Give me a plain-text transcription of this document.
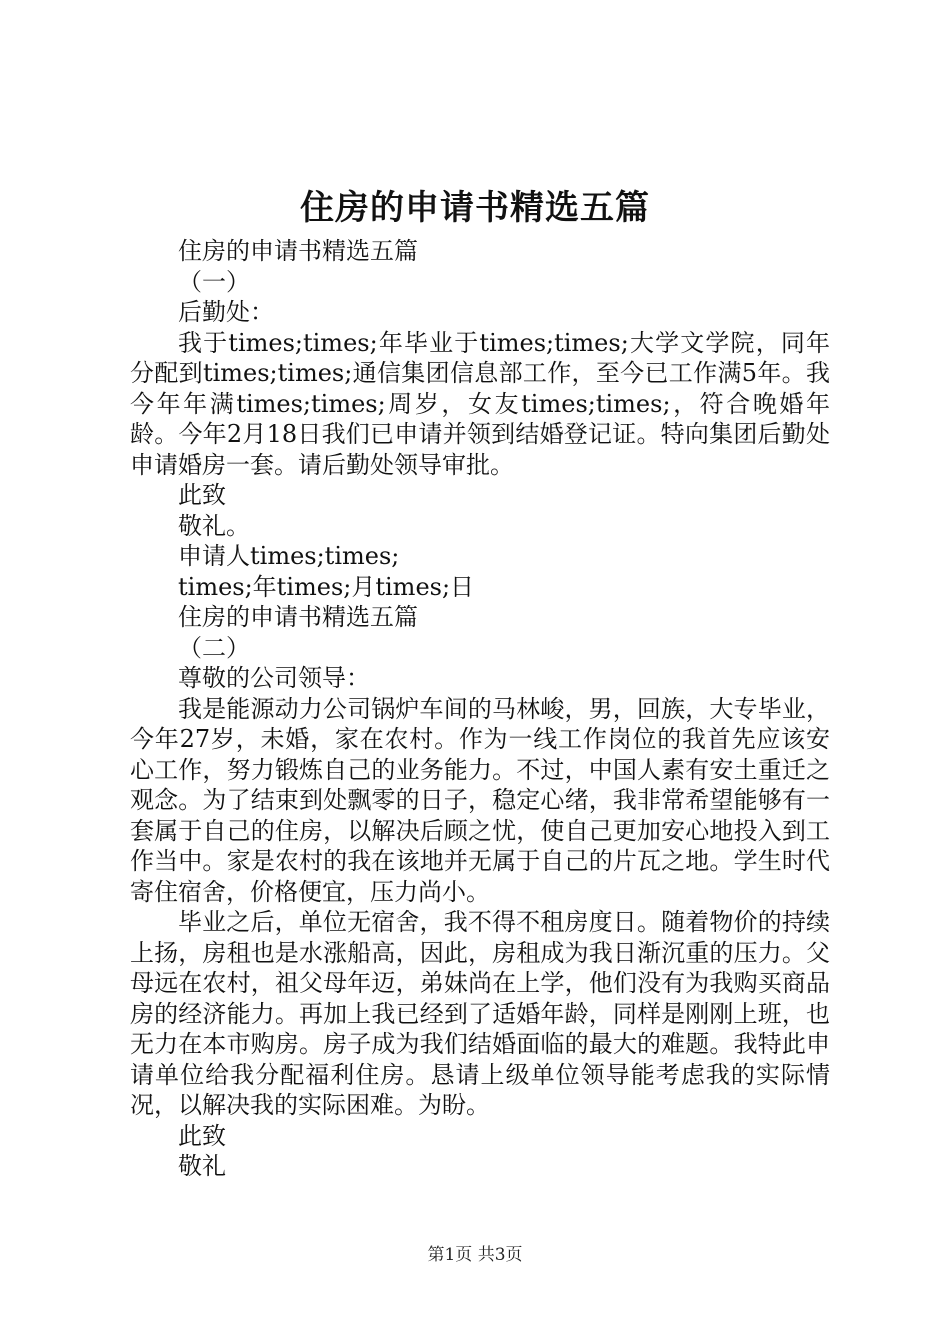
住房的申请书精选五篇

住房的申请书精选五篇

（一）

后勤处：

我于times;times;年毕业于times;times;大学文学院，同年分配到times;times;通信集团信息部工作，至今已工作满5年。我今年年满times;times;周岁，女友times;times;，符合晚婚年龄。今年2月18日我们已申请并领到结婚登记证。特向集团后勤处申请婚房一套。请后勤处领导审批。

此致

敬礼。

申请人times;times;

times;年times;月times;日

住房的申请书精选五篇

（二）

尊敬的公司领导：

我是能源动力公司锅炉车间的马林峻，男，回族，大专毕业，今年27岁，未婚，家在农村。作为一线工作岗位的我首先应该安心工作，努力锻炼自己的业务能力。不过，中国人素有安土重迁之观念。为了结束到处飘零的日子，稳定心绪，我非常希望能够有一套属于自己的住房，以解决后顾之忧，使自己更加安心地投入到工作当中。家是农村的我在该地并无属于自己的片瓦之地。学生时代寄住宿舍，价格便宜，压力尚小。

毕业之后，单位无宿舍，我不得不租房度日。随着物价的持续上扬，房租也是水涨船高，因此，房租成为我日渐沉重的压力。父母远在农村，祖父母年迈，弟妹尚在上学，他们没有为我购买商品房的经济能力。再加上我已经到了适婚年龄，同样是刚刚上班，也无力在本市购房。房子成为我们结婚面临的最大的难题。我特此申请单位给我分配福利住房。恳请上级单位领导能考虑我的实际情况，以解决我的实际困难。为盼。

此致

敬礼

第1页 共3页
